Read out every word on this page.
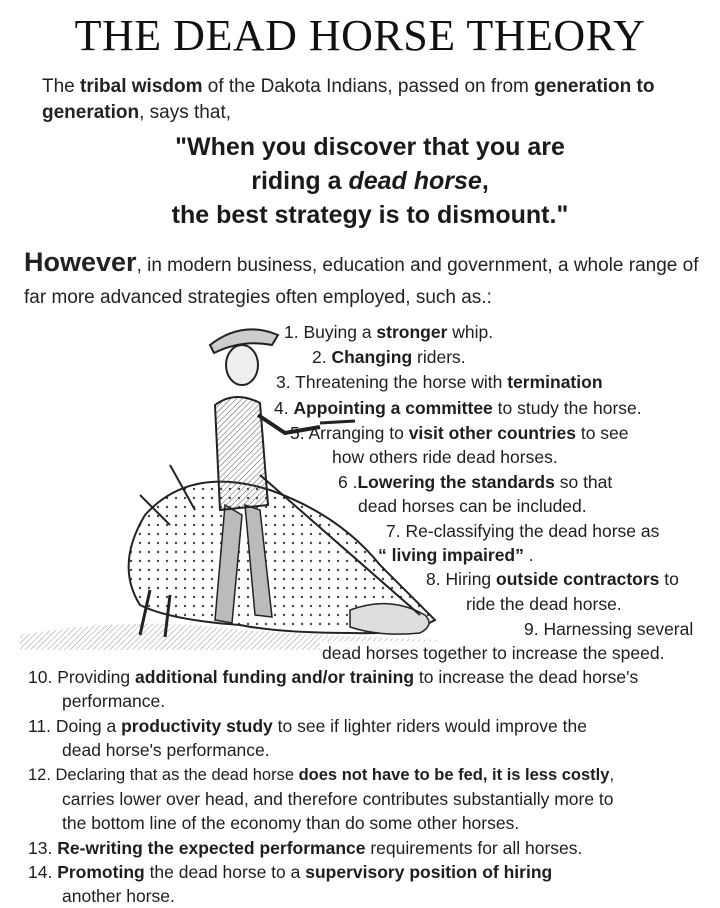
THE DEAD HORSE THEORY
The tribal wisdom of the Dakota Indians, passed on from generation to generation, says that,
"When you discover that you are
riding a dead horse,
the best strategy is to dismount."
However, in modern business, education and government, a whole range of far more advanced strategies often employed, such as.:
1. Buying a stronger whip.
2. Changing riders.
3. Threatening the horse with termination
4. Appointing a committee to study the horse.
5. Arranging to visit other countries to see
how others ride dead horses.
6 .Lowering the standards so that
dead horses can be included.
7. Re-classifying the dead horse as
“ living impaired” .
8. Hiring outside contractors to
ride the dead horse.
9. Harnessing several
dead horses together to increase the speed.
10. Providing additional funding and/or training to increase the dead horse's
performance.
11. Doing a productivity study to see if lighter riders would improve the
dead horse's performance.
12. Declaring that as the dead horse does not have to be fed, it is less costly,
carries lower over head, and therefore contributes substantially more to
the bottom line of the economy than do some other horses.
13. Re-writing the expected performance requirements for all horses.
14. Promoting the dead horse to a supervisory position of hiring
another horse.
